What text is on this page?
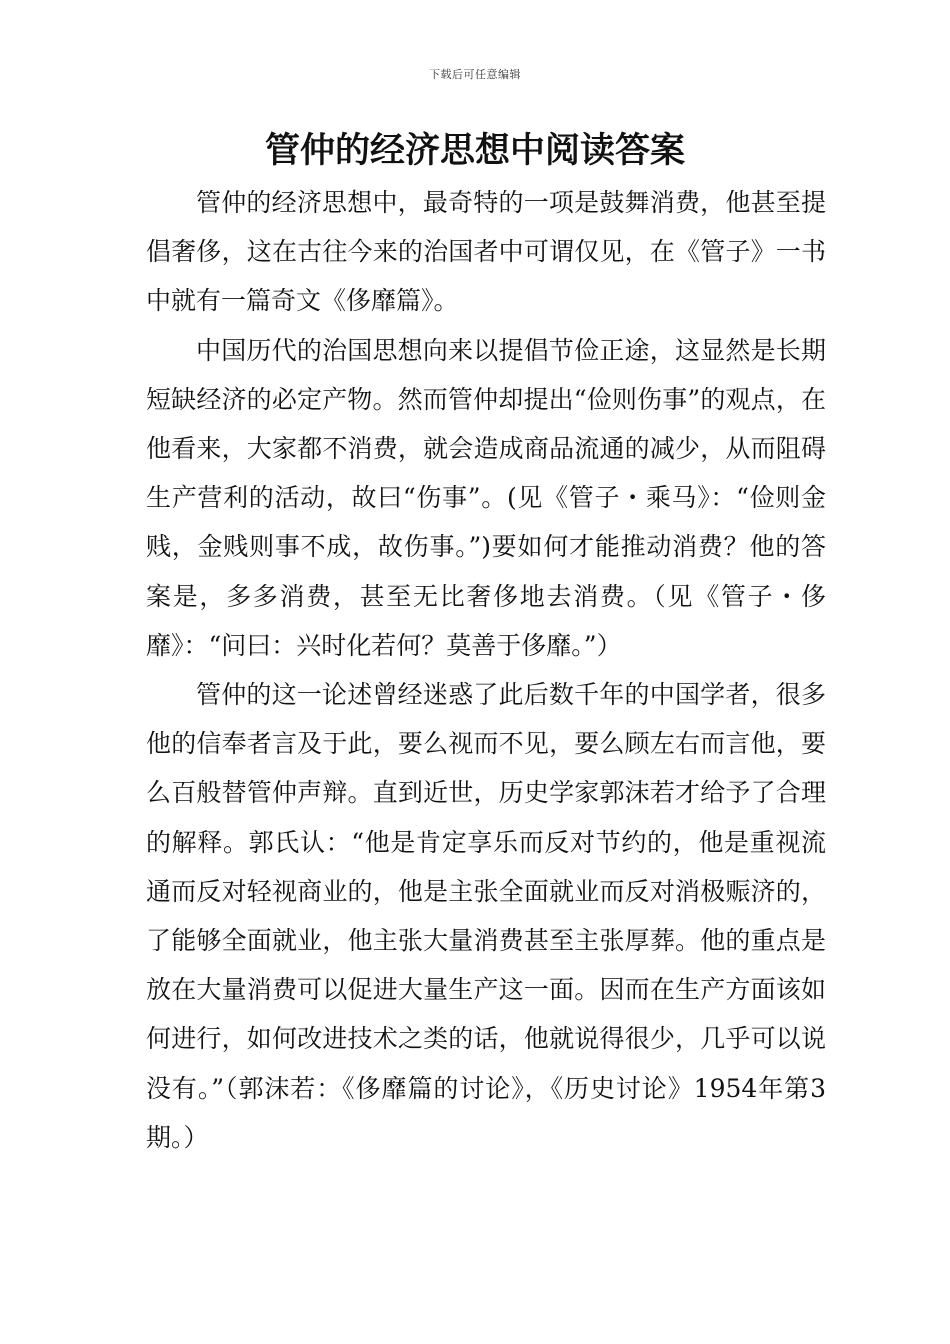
下载后可任意编辑
管仲的经济思想中阅读答案

管仲的经济思想中，最奇特的一项是鼓舞消费，他甚至提倡奢侈，这在古往今来的治国者中可谓仅见，在《管子》一书中就有一篇奇文《侈靡篇》。

中国历代的治国思想向来以提倡节俭正途，这显然是长期短缺经济的必定产物。然而管仲却提出“俭则伤事”的观点，在他看来，大家都不消费，就会造成商品流通的减少，从而阻碍生产营利的活动，故曰“伤事”。(见《管子・乘马》：“俭则金贱，金贱则事不成，故伤事。”)要如何才能推动消费？他的答案是，多多消费，甚至无比奢侈地去消费。（见《管子・侈靡》：“问曰：兴时化若何？莫善于侈靡。”）

管仲的这一论述曾经迷惑了此后数千年的中国学者，很多他的信奉者言及于此，要么视而不见，要么顾左右而言他，要么百般替管仲声辩。直到近世，历史学家郭沫若才给予了合理的解释。郭氏认：“他是肯定享乐而反对节约的，他是重视流通而反对轻视商业的，他是主张全面就业而反对消极赈济的，了能够全面就业，他主张大量消费甚至主张厚葬。他的重点是放在大量消费可以促进大量生产这一面。因而在生产方面该如何进行，如何改进技术之类的话，他就说得很少，几乎可以说没有。”（郭沫若：《侈靡篇的讨论》，《历史讨论》1954年第3期。）
